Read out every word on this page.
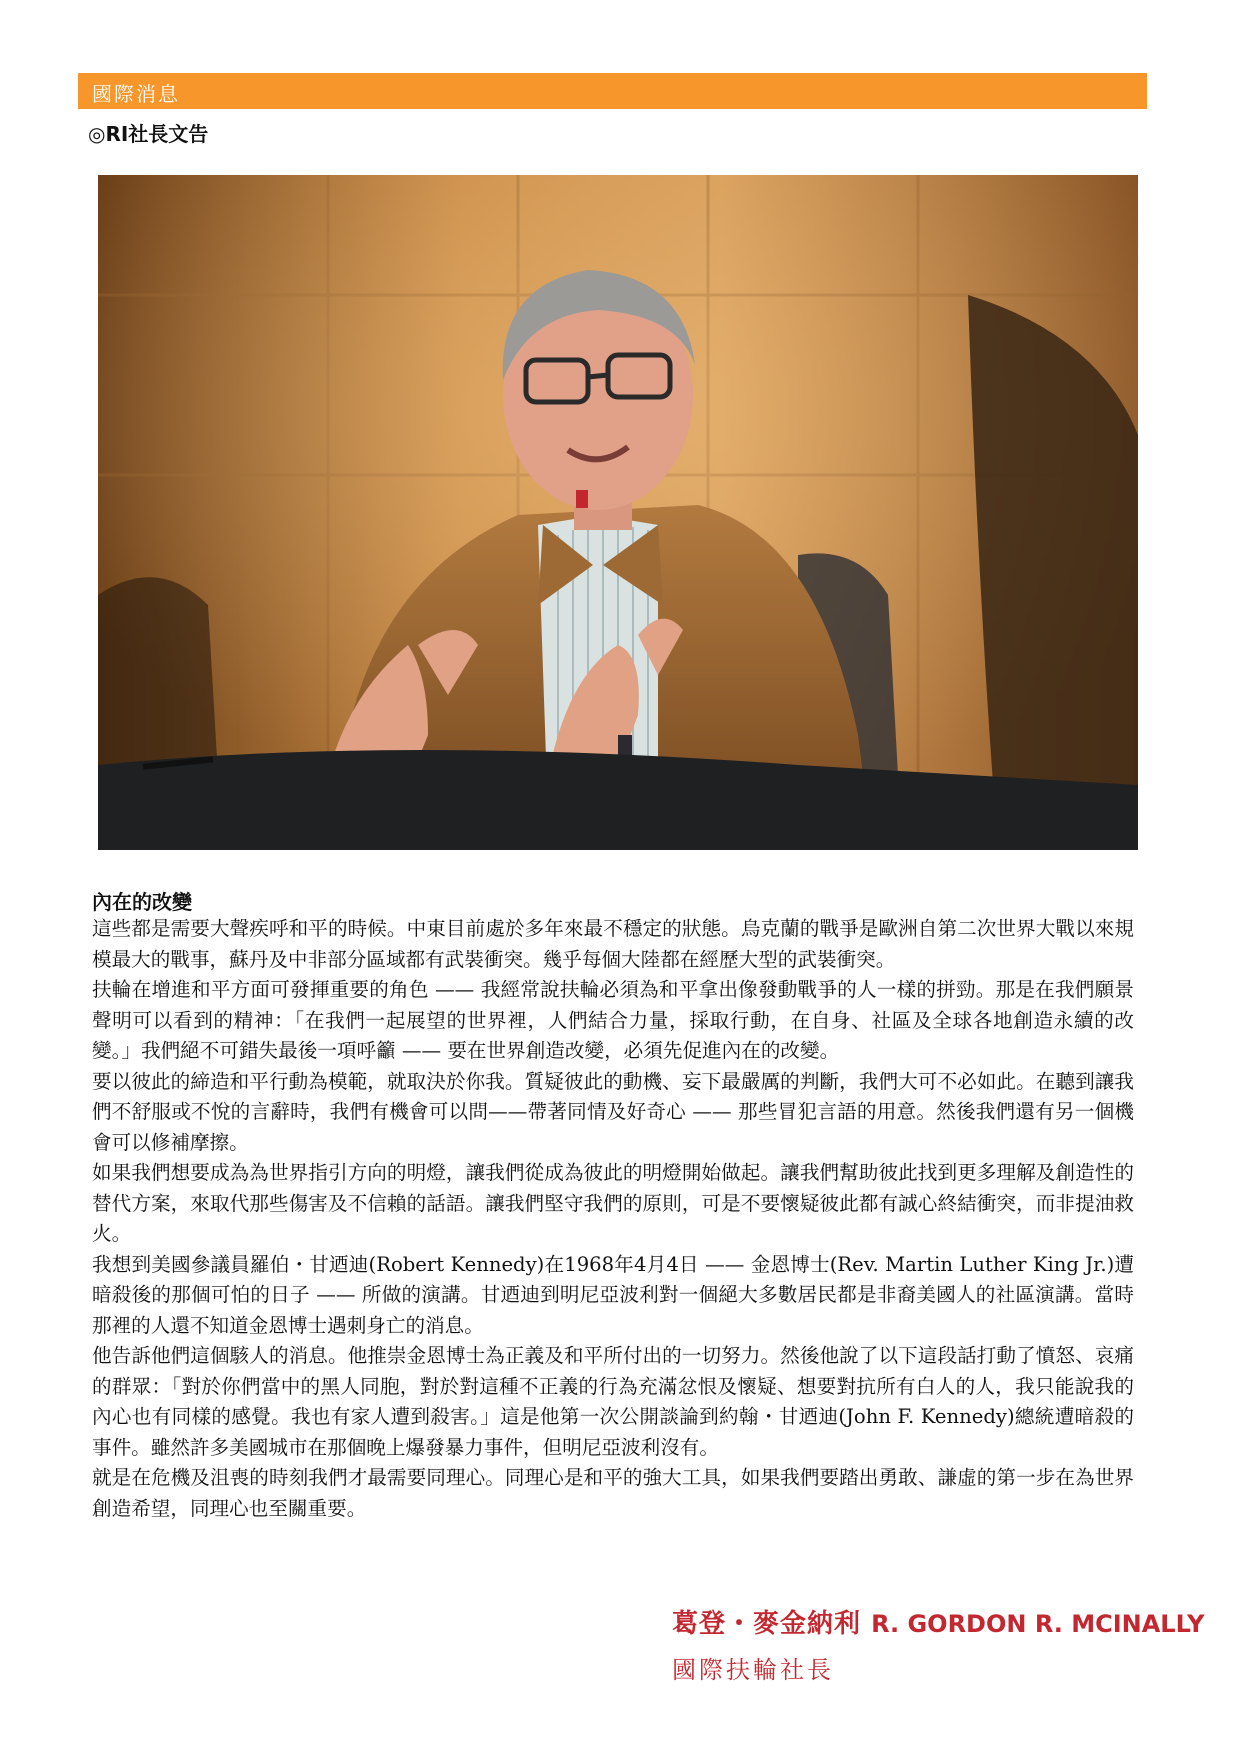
國際消息
◎RI社長文告
內在的改變

這些都是需要大聲疾呼和平的時候。中東目前處於多年來最不穩定的狀態。烏克蘭的戰爭是歐洲自第二次世界大戰以來規模最大的戰事，蘇丹及中非部分區域都有武裝衝突。幾乎每個大陸都在經歷大型的武裝衝突。

扶輪在增進和平方面可發揮重要的角色 —— 我經常說扶輪必須為和平拿出像發動戰爭的人一樣的拼勁。那是在我們願景聲明可以看到的精神：「在我們一起展望的世界裡，人們結合力量，採取行動，在自身、社區及全球各地創造永續的改變。」我們絕不可錯失最後一項呼籲 —— 要在世界創造改變，必須先促進內在的改變。

要以彼此的締造和平行動為模範，就取決於你我。質疑彼此的動機、妄下最嚴厲的判斷，我們大可不必如此。在聽到讓我們不舒服或不悅的言辭時，我們有機會可以問——帶著同情及好奇心 —— 那些冒犯言語的用意。然後我們還有另一個機會可以修補摩擦。

如果我們想要成為為世界指引方向的明燈，讓我們從成為彼此的明燈開始做起。讓我們幫助彼此找到更多理解及創造性的替代方案，來取代那些傷害及不信賴的話語。讓我們堅守我們的原則，可是不要懷疑彼此都有誠心終結衝突，而非提油救火。

我想到美國參議員羅伯・甘迺迪(Robert Kennedy)在1968年4月4日 —— 金恩博士(Rev. Martin Luther King Jr.)遭暗殺後的那個可怕的日子 —— 所做的演講。甘迺迪到明尼亞波利對一個絕大多數居民都是非裔美國人的社區演講。當時那裡的人還不知道金恩博士遇刺身亡的消息。

他告訴他們這個駭人的消息。他推崇金恩博士為正義及和平所付出的一切努力。然後他說了以下這段話打動了憤怒、哀痛的群眾：「對於你們當中的黑人同胞，對於對這種不正義的行為充滿忿恨及懷疑、想要對抗所有白人的人，我只能說我的內心也有同樣的感覺。我也有家人遭到殺害。」這是他第一次公開談論到約翰・甘迺迪(John F. Kennedy)總統遭暗殺的事件。雖然許多美國城市在那個晚上爆發暴力事件，但明尼亞波利沒有。

就是在危機及沮喪的時刻我們才最需要同理心。同理心是和平的強大工具，如果我們要踏出勇敢、謙虛的第一步在為世界創造希望，同理心也至關重要。

葛登・麥金納利 R. GORDON R. MCINALLY
國際扶輪社長
